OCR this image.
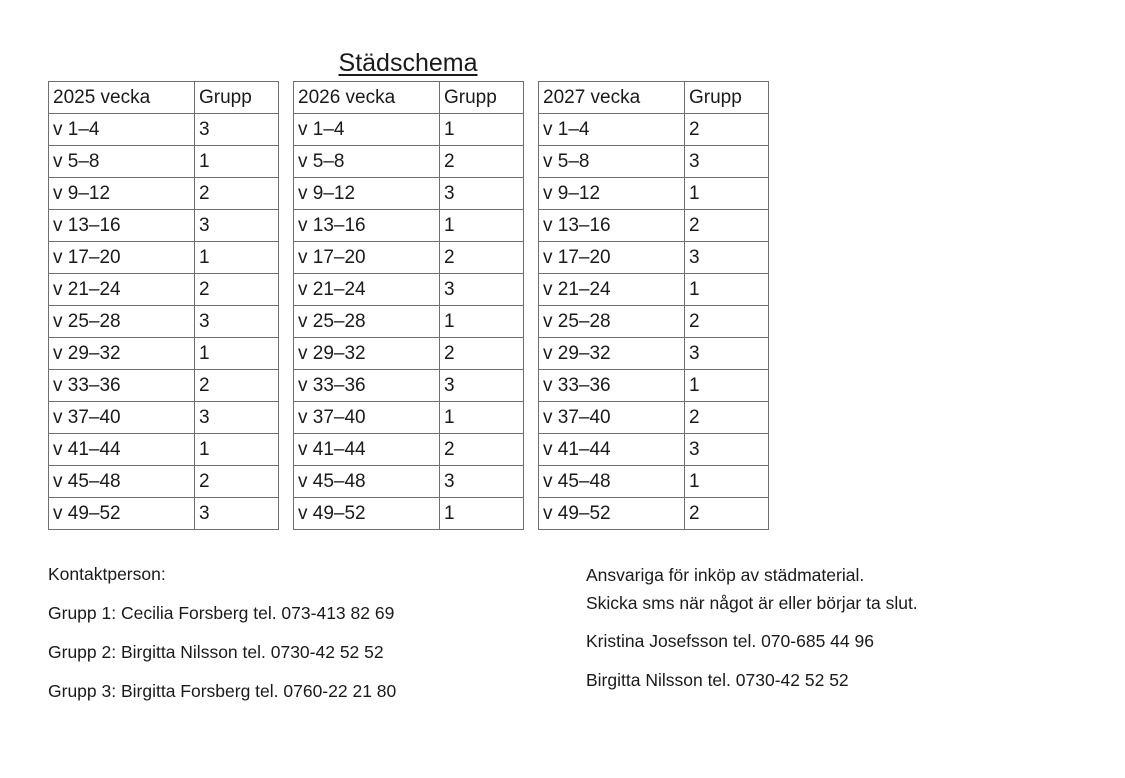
Städschema
2025 vecka	Grupp
v 1–4	3
v 5–8	1
v 9–12	2
v 13–16	3
v 17–20	1
v 21–24	2
v 25–28	3
v 29–32	1
v 33–36	2
v 37–40	3
v 41–44	1
v 45–48	2
v 49–52	3
2026 vecka	Grupp
v 1–4	1
v 5–8	2
v 9–12	3
v 13–16	1
v 17–20	2
v 21–24	3
v 25–28	1
v 29–32	2
v 33–36	3
v 37–40	1
v 41–44	2
v 45–48	3
v 49–52	1
2027 vecka	Grupp
v 1–4	2
v 5–8	3
v 9–12	1
v 13–16	2
v 17–20	3
v 21–24	1
v 25–28	2
v 29–32	3
v 33–36	1
v 37–40	2
v 41–44	3
v 45–48	1
v 49–52	2
Kontaktperson:
Grupp 1: Cecilia Forsberg tel. 073-413 82 69
Grupp 2: Birgitta Nilsson tel. 0730-42 52 52
Grupp 3: Birgitta Forsberg tel. 0760-22 21 80
Ansvariga för inköp av städmaterial.
Skicka sms när något är eller börjar ta slut.
Kristina Josefsson tel. 070-685 44 96
Birgitta Nilsson tel. 0730-42 52 52
